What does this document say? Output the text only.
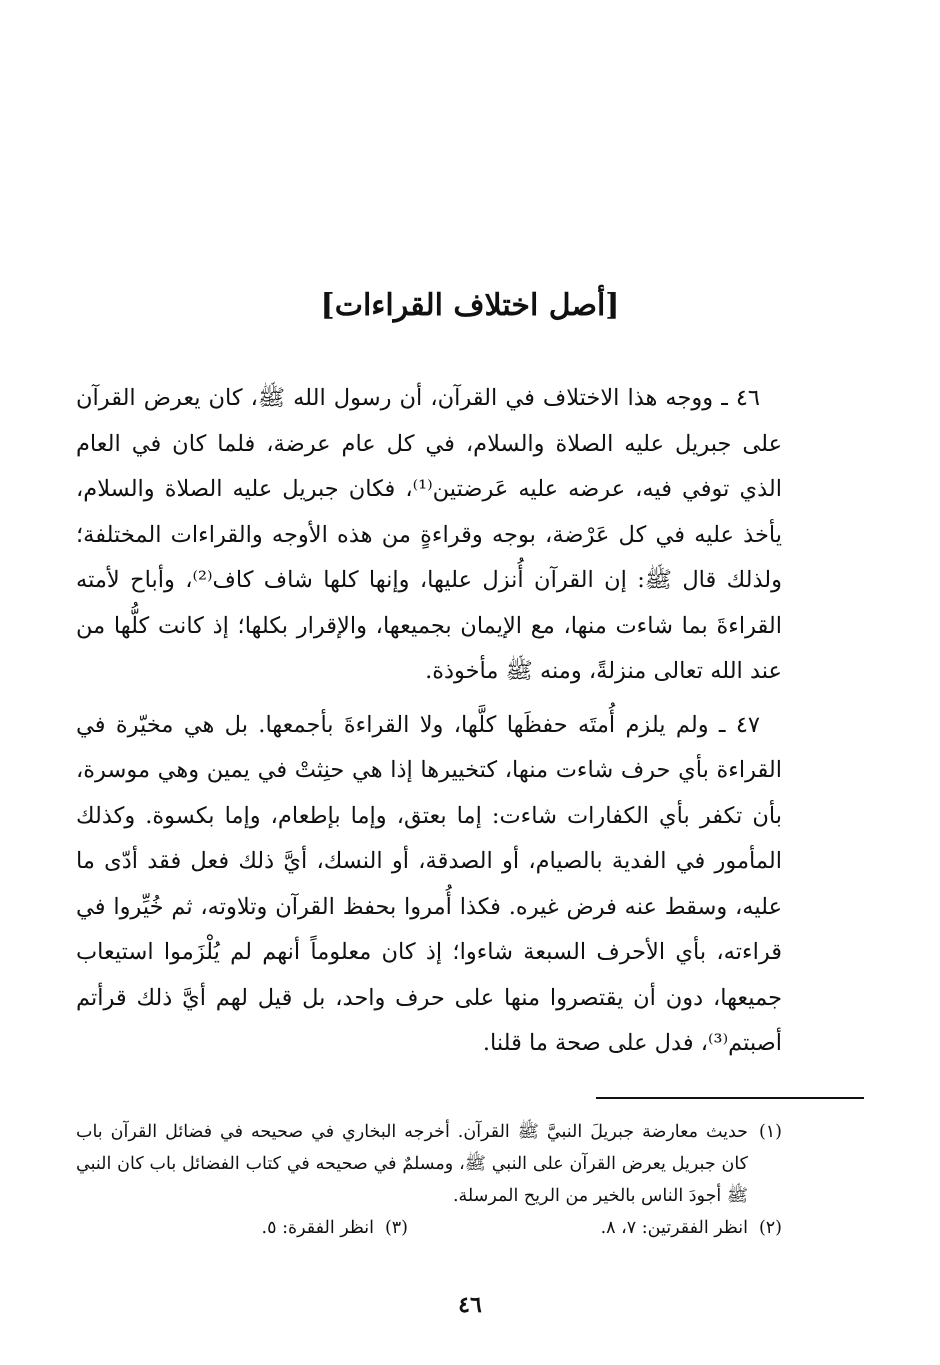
[أصل اختلاف القراءات]

٤٦ ـ ووجه هذا الاختلاف في القرآن، أن رسول الله ﷺ، كان يعرض القرآن على جبريل عليه الصلاة والسلام، في كل عام عرضة، فلما كان في العام الذي توفي فيه، عرضه عليه عَرضتين⁽¹⁾، فكان جبريل عليه الصلاة والسلام، يأخذ عليه في كل عَرْضة، بوجه وقراءةٍ من هذه الأوجه والقراءات المختلفة؛ ولذلك قال ﷺ: إن القرآن أُنزل عليها، وإنها كلها شاف كاف⁽²⁾، وأباح لأمته القراءةَ بما شاءت منها، مع الإيمان بجميعها، والإقرار بكلها؛ إذ كانت كلُّها من عند الله تعالى منزلةً، ومنه ﷺ مأخوذة.

٤٧ ـ ولم يلزم أُمتَه حفظَها كلَّها، ولا القراءةَ بأجمعها. بل هي مخيّرة في القراءة بأي حرف شاءت منها، كتخييرها إذا هي حنِثتْ في يمين وهي موسرة، بأن تكفر بأي الكفارات شاءت: إما بعتق، وإما بإطعام، وإما بكسوة. وكذلك المأمور في الفدية بالصيام، أو الصدقة، أو النسك، أيَّ ذلك فعل فقد أدّى ما عليه، وسقط عنه فرض غيره. فكذا أُمروا بحفظ القرآن وتلاوته، ثم خُيِّروا في قراءته، بأي الأحرف السبعة شاءوا؛ إذ كان معلوماً أنهم لم يُلْزَموا استيعاب جميعها، دون أن يقتصروا منها على حرف واحد، بل قيل لهم أيَّ ذلك قرأتم أصبتم⁽³⁾، فدل على صحة ما قلنا.

(١)
حديث معارضة جبريلَ النبيَّ ﷺ القرآن. أخرجه البخاري في صحيحه في فضائل القرآن باب كان جبريل يعرض القرآن على النبي ﷺ، ومسلمٌ في صحيحه في كتاب الفضائل باب كان النبي ﷺ أجودَ الناس بالخير من الريح المرسلة.

(٢)
انظر الفقرتين: ٧، ٨.
(٣)
انظر الفقرة: ٥.
٤٦
